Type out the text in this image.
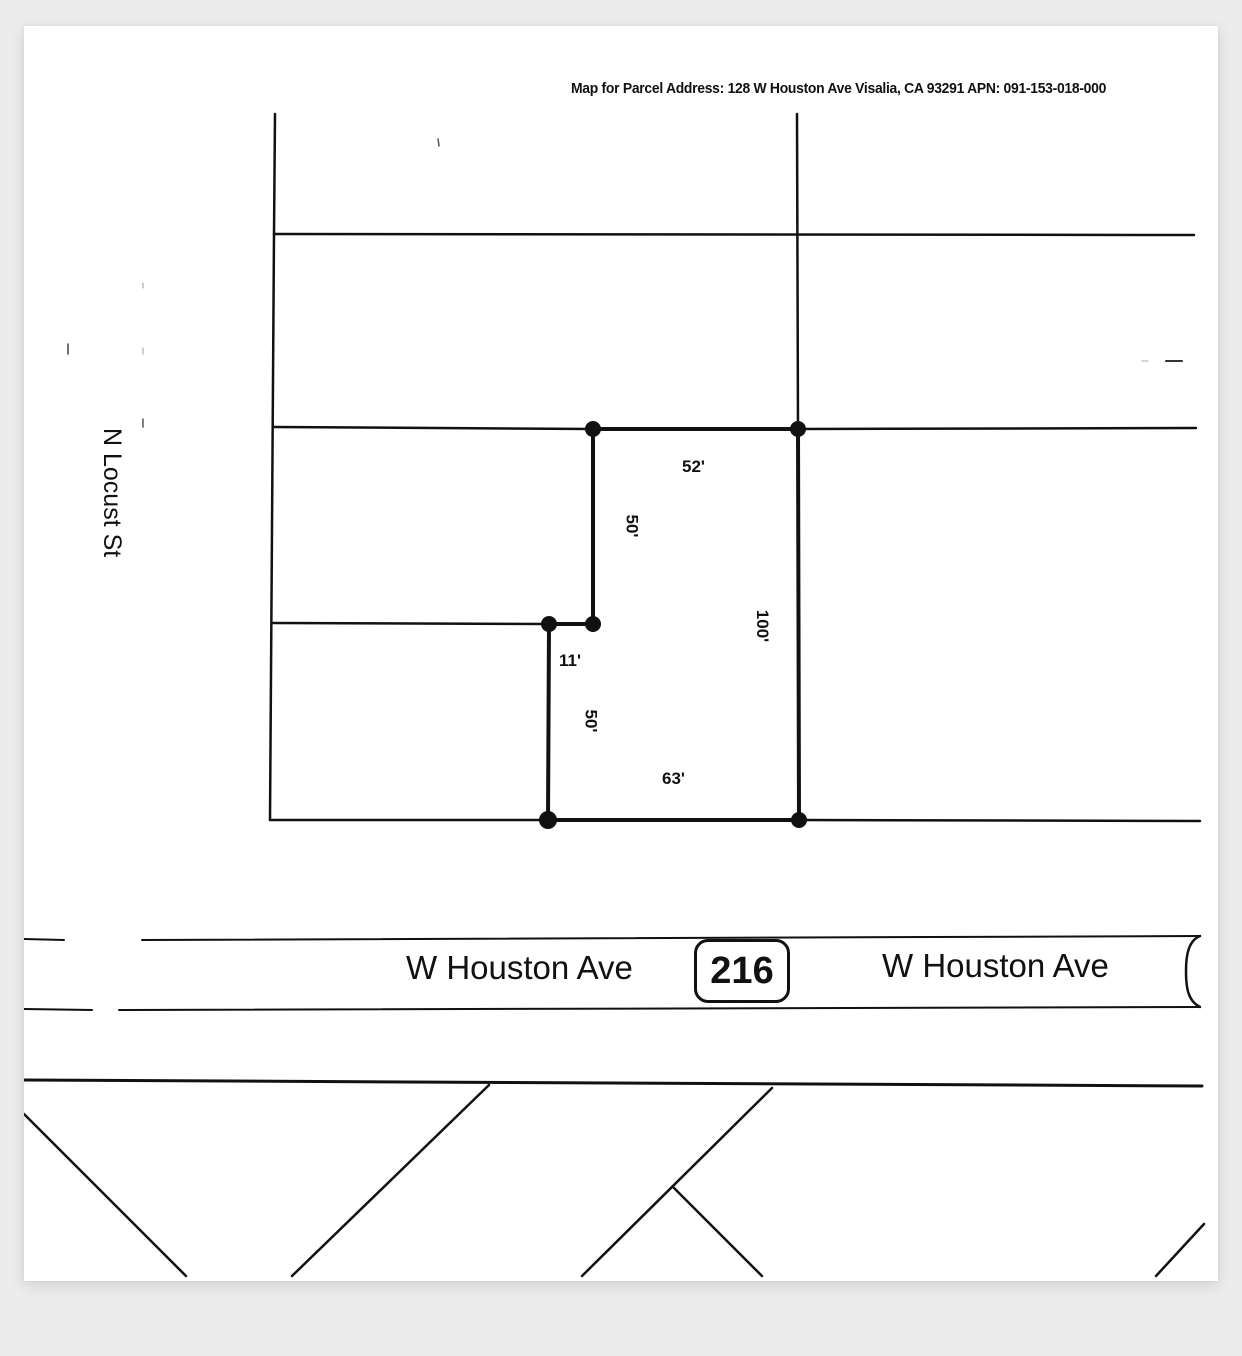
Map for Parcel Address: 128 W Houston Ave Visalia, CA 93291 APN: 091-153-018-000
N Locust St	52'
50'
100'
11'
50'
63'
W Houston Ave 216	W Houston Ave
